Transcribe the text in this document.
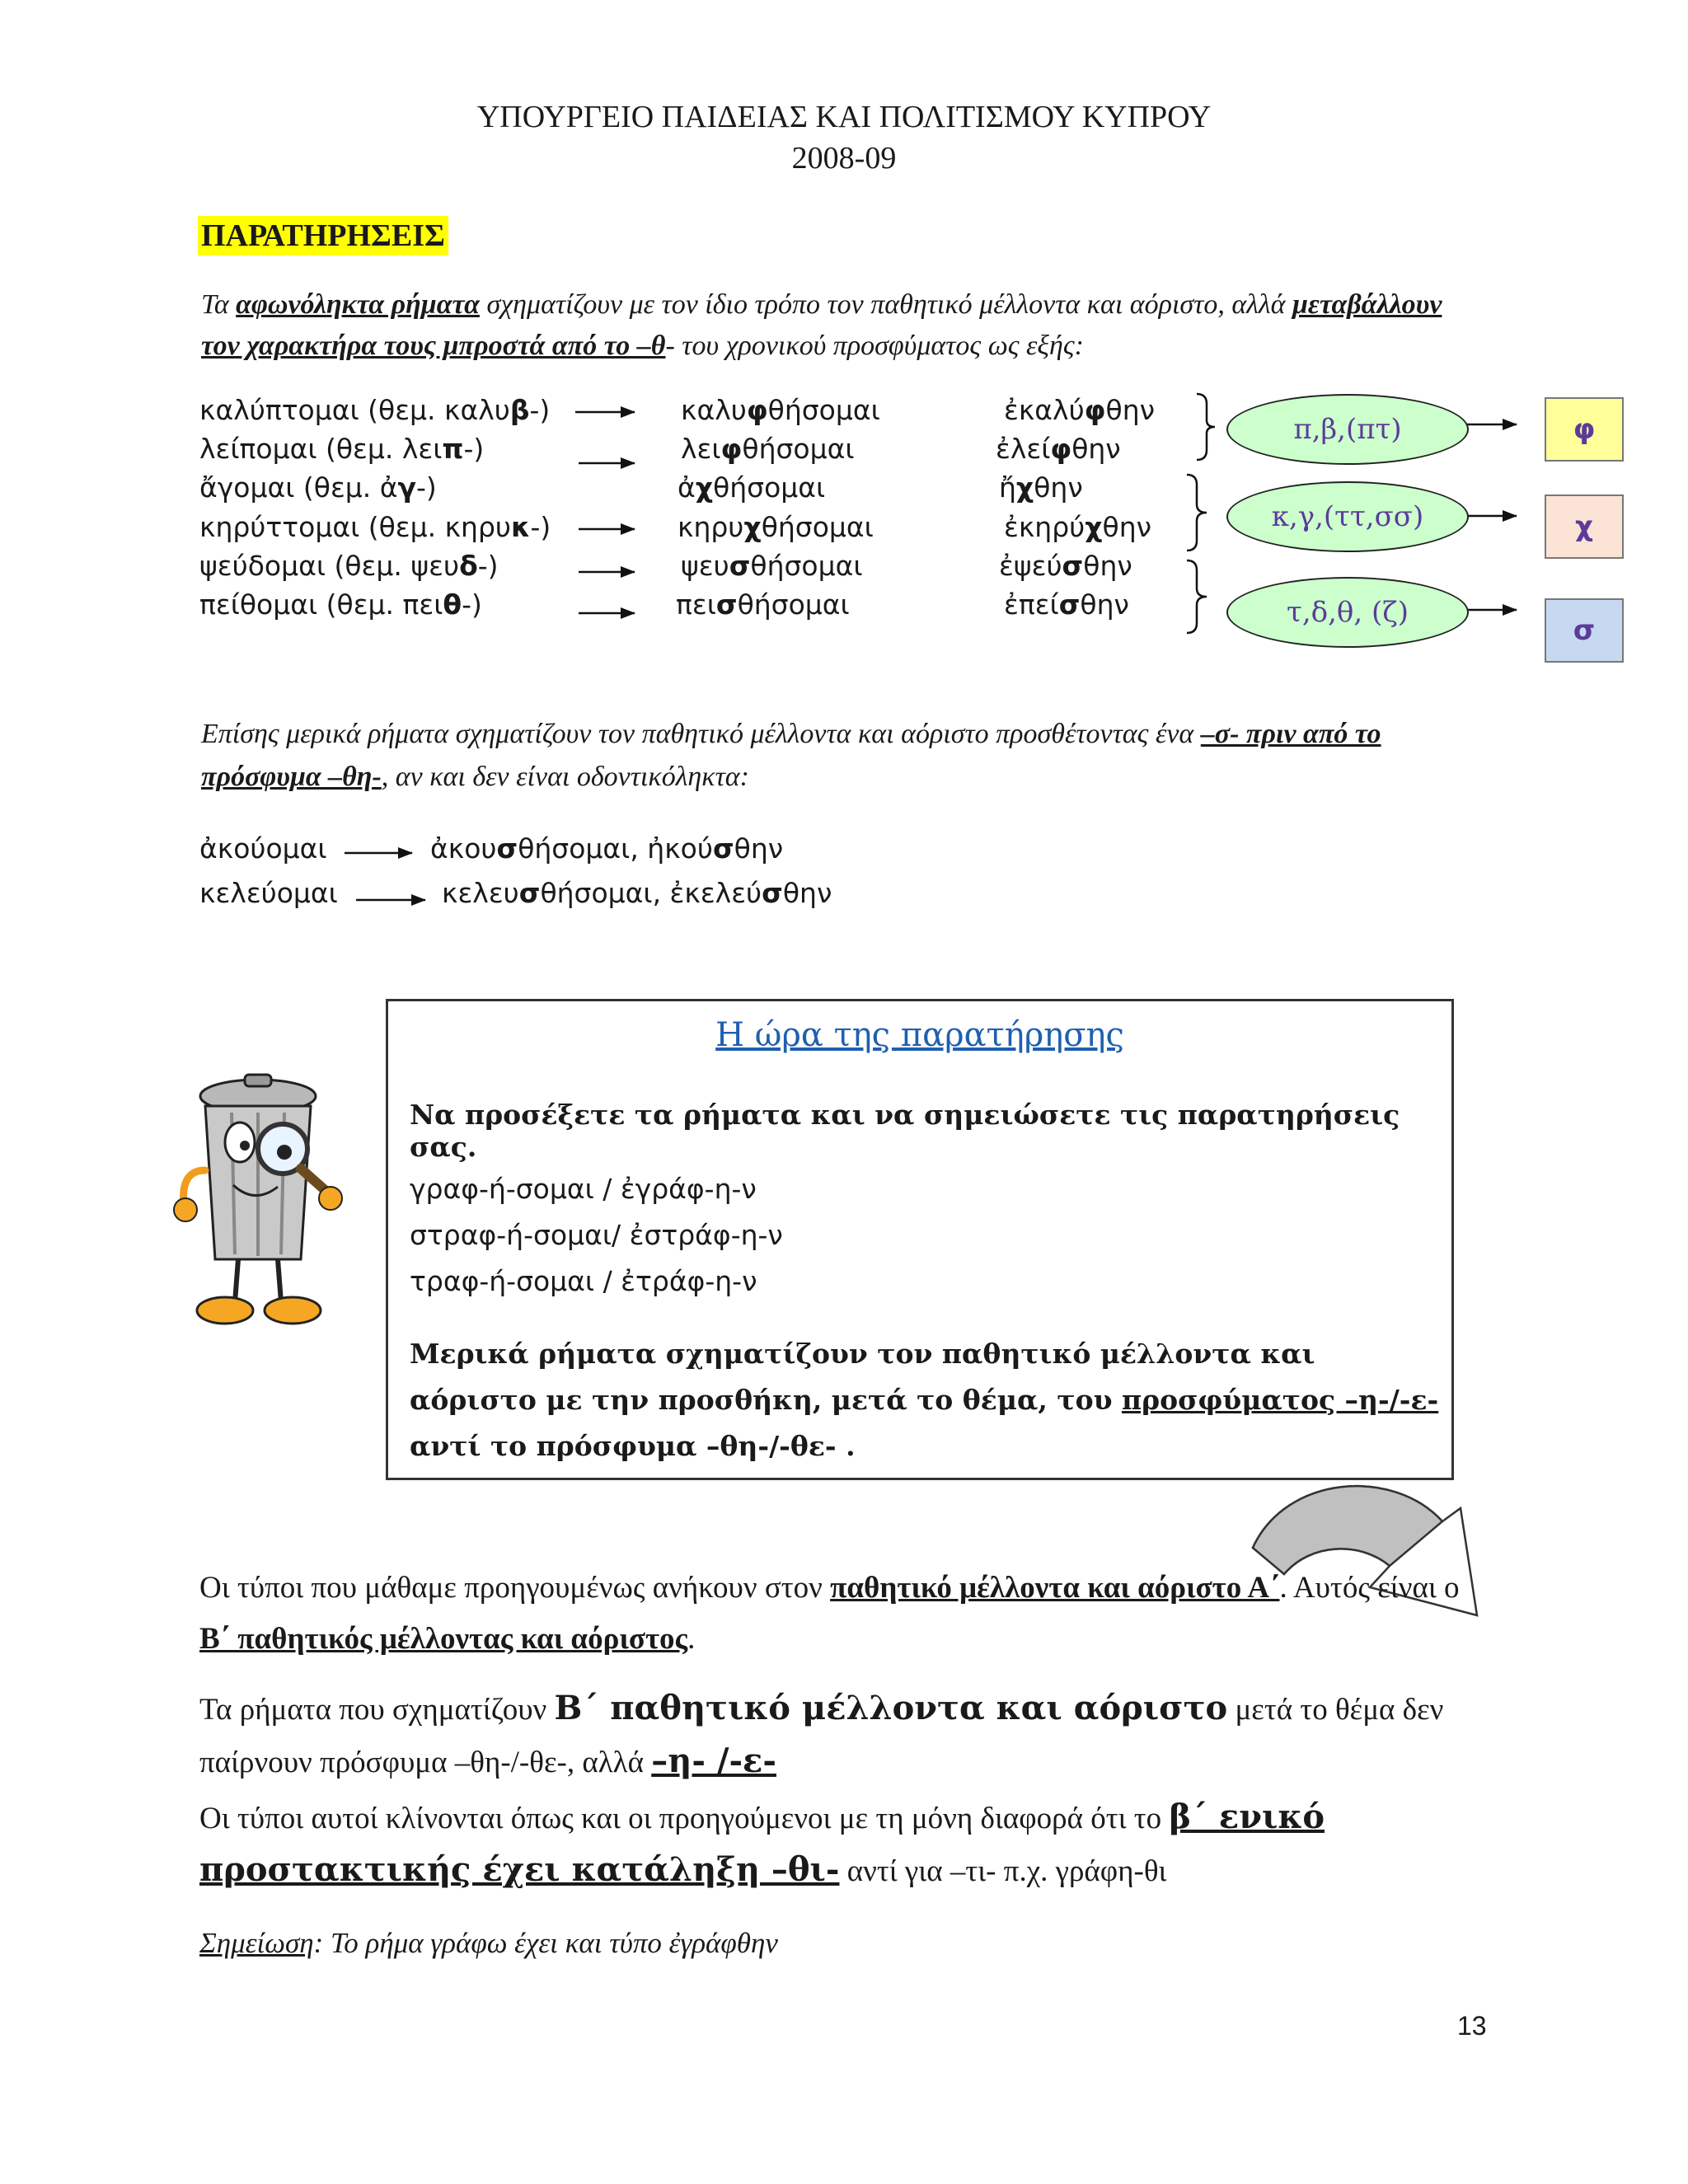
ΥΠΟΥΡΓΕΙΟ ΠΑΙΔΕΙΑΣ ΚΑΙ ΠΟΛΙΤΙΣΜΟΥ ΚΥΠΡΟΥ
2008-09
ΠΑΡΑΤΗΡΗΣΕΙΣ
Τα αφωνόληκτα ρήματα σχηματίζουν με τον ίδιο τρόπο τον παθητικό μέλλοντα και αόριστο, αλλά μεταβάλλουν τον χαρακτήρα τους μπροστά από το –θ- του χρονικού προσφύματος ως εξής:
καλύπτομαι (θεμ. καλυβ-)	καλυφθήσομαι	ἐκαλύφθην
λείπομαι (θεμ. λειπ-)	λειφθήσομαι	ἐλείφθην
ἄγομαι (θεμ. ἀγ-)	ἀχθήσομαι	ἤχθην
κηρύττομαι (θεμ. κηρυκ-)	κηρυχθήσομαι	ἐκηρύχθην
ψεύδομαι (θεμ. ψευδ-)	ψευσθήσομαι	ἐψεύσθην
πείθομαι (θεμ. πειθ-)	πεισθήσομαι	ἐπείσθην
π,β,(πτ)
κ,γ,(ττ,σσ)
τ,δ,θ, (ζ)
φ
χ
σ
Επίσης μερικά ρήματα σχηματίζουν τον παθητικό μέλλοντα και αόριστο προσθέτοντας ένα –σ- πριν από το πρόσφυμα –θη-, αν και δεν είναι οδοντικόληκτα:
ἀκούομαι	ἀκουσθήσομαι, ἠκούσθην
κελεύομαι	κελευσθήσομαι, ἐκελεύσθην
Η ώρα της παρατήρησης
Να προσέξετε τα ρήματα και να σημειώσετε τις παρατηρήσεις σας.
γραφ-ή-σομαι / ἐγράφ-η-ν
στραφ-ή-σομαι/ ἐστράφ-η-ν
τραφ-ή-σομαι / ἐτράφ-η-ν
Μερικά ρήματα σχηματίζουν τον παθητικό μέλλοντα και αόριστο με την προσθήκη, μετά το θέμα, του προσφύματος –η-/-ε- αντί το πρόσφυμα –θη-/-θε- .
Οι τύποι που μάθαμε προηγουμένως ανήκουν στον παθητικό μέλλοντα και αόριστο Α΄. Αυτός είναι ο Β΄ παθητικός μέλλοντας και αόριστος.
Τα ρήματα που σχηματίζουν Β΄ παθητικό μέλλοντα και αόριστο μετά το θέμα δεν παίρνουν πρόσφυμα –θη-/-θε-, αλλά –η- /-ε-
Οι τύποι αυτοί κλίνονται όπως και οι προηγούμενοι με τη μόνη διαφορά ότι το β΄ ενικό προστακτικής έχει κατάληξη –θι- αντί για –τι- π.χ. γράφη-θι
Σημείωση: Το ρήμα γράφω έχει και τύπο ἐγράφθην
13
